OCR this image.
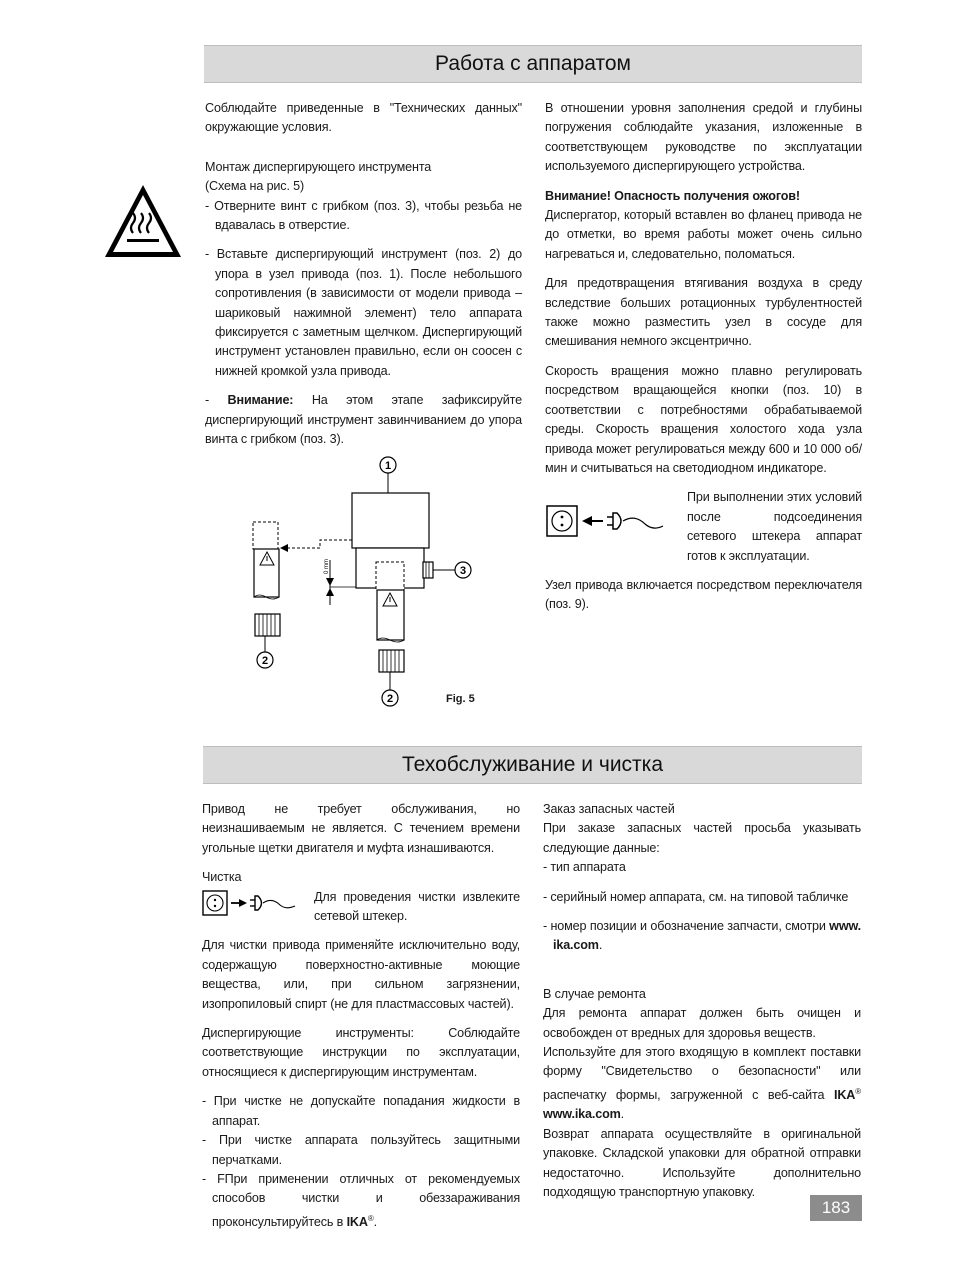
Работа с аппаратом

Соблюдайте приведенные в "Технических данных" окружающие условия.

Монтаж диспергирующего инструмента

(Схема на рис. 5)

- Отверните винт с грибком (поз. 3), чтобы резьба не вдавалась в отверстие.

- Вставьте диспергирующий инструмент (поз. 2) до упора в узел привода (поз. 1). После небольшого сопротивления (в зависимости от модели привода – шариковый нажимной элемент) тело аппарата фиксируется с заметным щелчком. Диспергирующий инструмент установлен правильно, если он соосен с нижней кромкой узла привода.

- Внимание: На этом этапе зафиксируйте диспергирующий инструмент завинчиванием до упора винта с грибком (поз. 3).

В отношении уровня заполнения средой и глубины погружения соблюдайте указания, изложенные в соответствующем руководстве по эксплуатации используемого диспергирующего устройства.

Внимание! Опасность получения ожогов!
Диспергатор, который вставлен во фланец привода не до отметки, во время работы может очень сильно нагреваться и, следовательно, поломаться.

Для предотвращения втягивания воздуха в среду вследствие больших ротационных турбулентностей также можно разместить узел в сосуде для смешивания немного эксцентрично.

Скорость вращения можно плавно регулировать посредством вращающейся кнопки (поз. 10) в соответствии с потребностями обрабатываемой среды. Скорость вращения холостого хода узла привода может регулироваться между 600 и 10 000 об/мин и считываться на светодиодном индикаторе.

При выполнении этих условий после подсоединения сетевого штекера аппарат готов к эксплуатации.

Узел привода включается посредством переключателя (поз. 9).

0 mm
1
3
2
2	Fig. 5
Техобслуживание и чистка

Привод не требует обслуживания, но неизнашиваемым не является. С течением времени угольные щетки двигателя и муфта изнашиваются.

Чистка

Для проведения чистки извлеките сетевой штекер.

Для чистки привода применяйте исключительно воду, содержащую поверхностно-активные моющие вещества, или, при сильном загрязнении, изопропиловый спирт (не для пластмассовых частей).

Диспергирующие инструменты: Соблюдайте соответствующие инструкции по эксплуатации, относящиеся к диспергирующим инструментам.

- При чистке не допускайте попадания жидкости в аппарат.

- При чистке аппарата пользуйтесь защитными перчатками.

- FПри применении отличных от рекомендуемых способов чистки и обеззараживания проконсультируйтесь в IKA®.

Заказ запасных частей

При заказе запасных частей просьба указывать следующие данные:

- тип аппарата

- серийный номер аппарата, см. на типовой табличке

- номер позиции и обозначение запчасти, смотри www. ika.com.

В случае ремонта

Для ремонта аппарат должен быть очищен и освобожден от вредных для здоровья веществ.

Используйте для этого входящую в комплект поставки форму "Свидетельство о безопасности" или распечатку формы, загруженной с веб-сайта IKA® www.ika.com.

Возврат аппарата осуществляйте в оригинальной упаковке. Складской упаковки для обратной отправки недостаточно. Используйте дополнительно подходящую транспортную упаковку.

183
